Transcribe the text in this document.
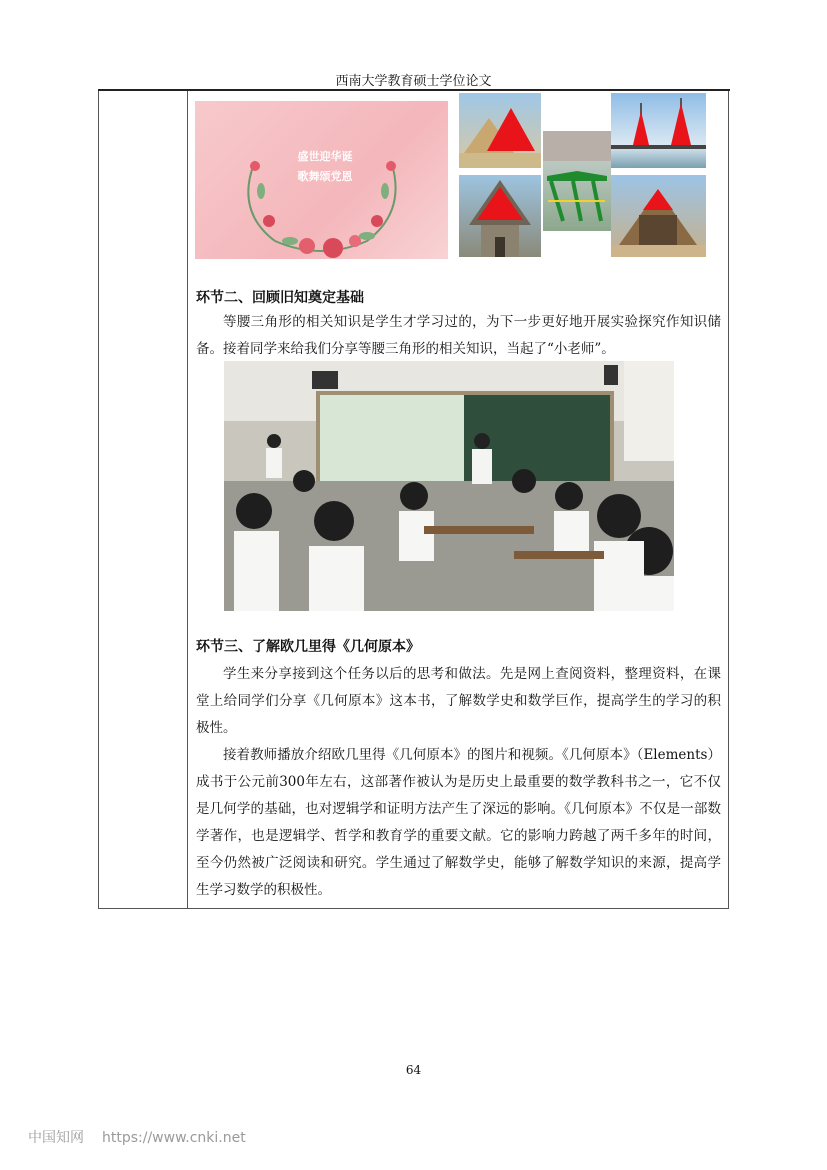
西南大学教育硕士学位论文
盛世迎华诞
歌舞颂党恩
环节二、回顾旧知奠定基础
等腰三角形的相关知识是学生才学习过的，为下一步更好地开展实验探究作知识储备。接着同学来给我们分享等腰三角形的相关知识，当起了“小老师”。
环节三、了解欧几里得《几何原本》
学生来分享接到这个任务以后的思考和做法。先是网上查阅资料，整理资料，在课堂上给同学们分享《几何原本》这本书，了解数学史和数学巨作，提高学生的学习的积极性。
接着教师播放介绍欧几里得《几何原本》的图片和视频。《几何原本》（Elements）成书于公元前300年左右，这部著作被认为是历史上最重要的数学教科书之一，它不仅是几何学的基础，也对逻辑学和证明方法产生了深远的影响。《几何原本》不仅是一部数学著作，也是逻辑学、哲学和教育学的重要文献。它的影响力跨越了两千多年的时间，至今仍然被广泛阅读和研究。学生通过了解数学史，能够了解数学知识的来源，提高学生学习数学的积极性。
64
中国知网 https://www.cnki.net
